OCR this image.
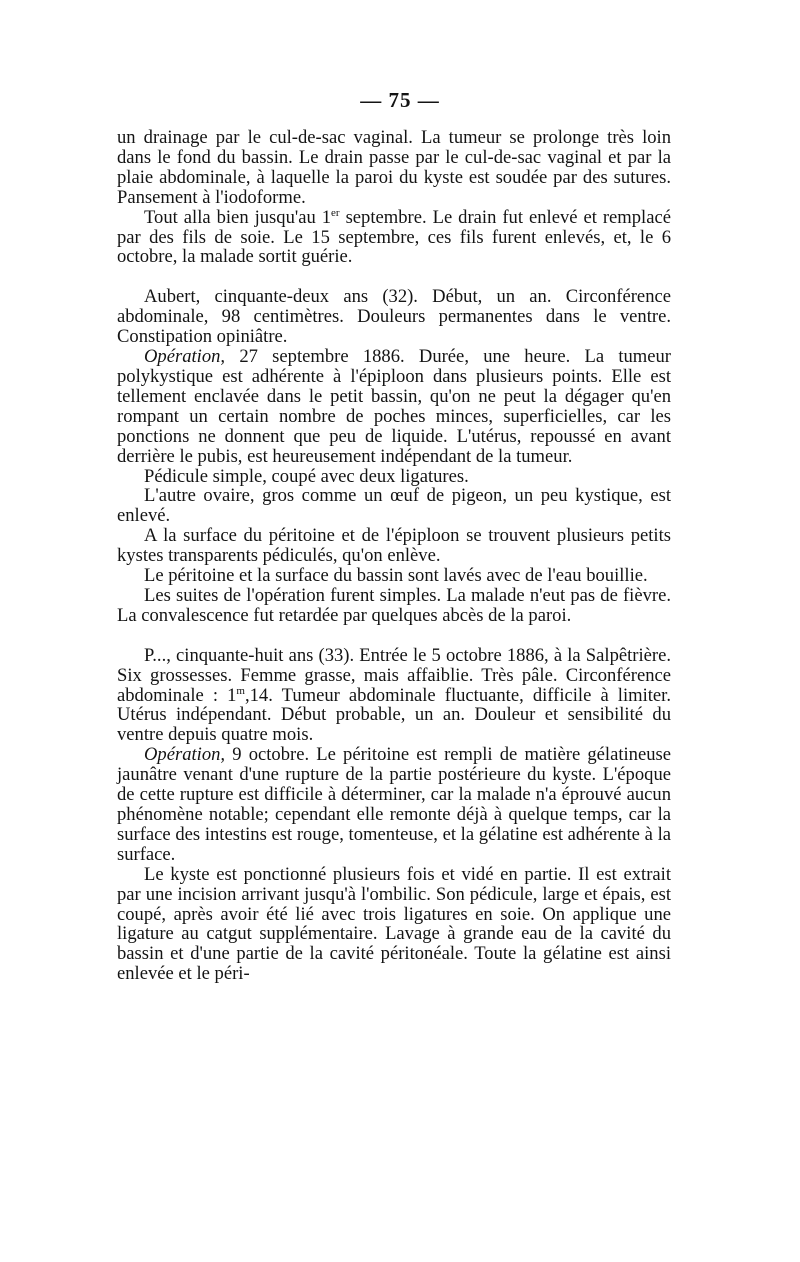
— 75 —

un drainage par le cul-de-sac vaginal. La tumeur se prolonge très loin dans le fond du bassin. Le drain passe par le cul-de-sac vaginal et par la plaie abdominale, à laquelle la paroi du kyste est soudée par des sutures. Pansement à l'iodoforme.

Tout alla bien jusqu'au 1er septembre. Le drain fut enlevé et remplacé par des fils de soie. Le 15 septembre, ces fils furent enlevés, et, le 6 octobre, la malade sortit guérie.

Aubert, cinquante-deux ans (32). Début, un an. Circonférence abdominale, 98 centimètres. Douleurs permanentes dans le ventre. Constipation opiniâtre.

Opération, 27 septembre 1886. Durée, une heure. La tumeur polykystique est adhérente à l'épiploon dans plusieurs points. Elle est tellement enclavée dans le petit bassin, qu'on ne peut la dégager qu'en rompant un certain nombre de poches minces, superficielles, car les ponctions ne donnent que peu de liquide. L'utérus, repoussé en avant derrière le pubis, est heureusement indépendant de la tumeur.

Pédicule simple, coupé avec deux ligatures.

L'autre ovaire, gros comme un œuf de pigeon, un peu kystique, est enlevé.

A la surface du péritoine et de l'épiploon se trouvent plusieurs petits kystes transparents pédiculés, qu'on enlève.

Le péritoine et la surface du bassin sont lavés avec de l'eau bouillie.

Les suites de l'opération furent simples. La malade n'eut pas de fièvre. La convalescence fut retardée par quelques abcès de la paroi.

P..., cinquante-huit ans (33). Entrée le 5 octobre 1886, à la Salpêtrière. Six grossesses. Femme grasse, mais affaiblie. Très pâle. Circonférence abdominale : 1$^m$,14. Tumeur abdominale fluctuante, difficile à limiter. Utérus indépendant. Début probable, un an. Douleur et sensibilité du ventre depuis quatre mois.

Opération, 9 octobre. Le péritoine est rempli de matière gélatineuse jaunâtre venant d'une rupture de la partie postérieure du kyste. L'époque de cette rupture est difficile à déterminer, car la malade n'a éprouvé aucun phénomène notable; cependant elle remonte déjà à quelque temps, car la surface des intestins est rouge, tomenteuse, et la gélatine est adhérente à la surface.

Le kyste est ponctionné plusieurs fois et vidé en partie. Il est extrait par une incision arrivant jusqu'à l'ombilic. Son pédicule, large et épais, est coupé, après avoir été lié avec trois ligatures en soie. On applique une ligature au catgut supplémentaire. Lavage à grande eau de la cavité du bassin et d'une partie de la cavité péritonéale. Toute la gélatine est ainsi enlevée et le péri-
